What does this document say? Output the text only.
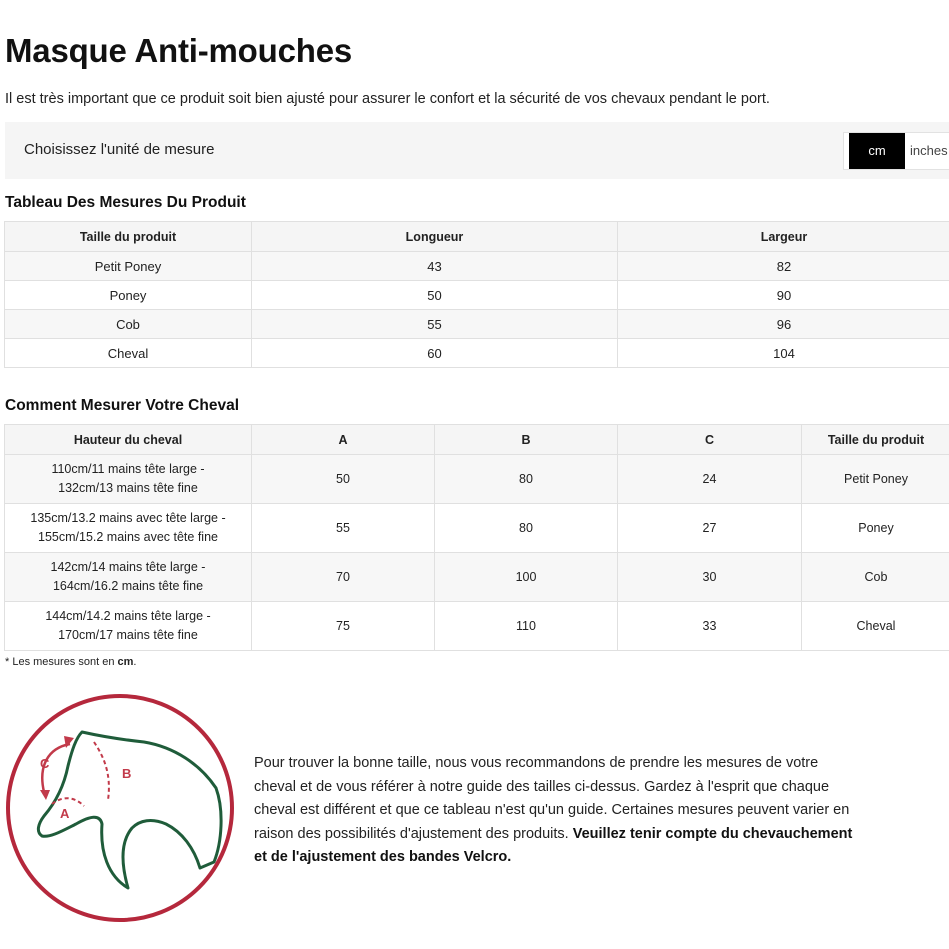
Masque Anti-mouches

Il est très important que ce produit soit bien ajusté pour assurer le confort et la sécurité de vos chevaux pendant le port.

Choisissez l'unité de mesure	cm	inches
Tableau Des Mesures Du Produit
Taille du produit	Longueur	Largeur
Petit Poney	43	82
Poney	50	90
Cob	55	96
Cheval	60	104
Comment Mesurer Votre Cheval
Hauteur du cheval	A	B	C	Taille du produit

110cm/11 mains tête large -
132cm/13 mains tête fine	50	80	24	Petit Poney

135cm/13.2 mains avec tête large -
155cm/15.2 mains avec tête fine	55	80	27	Poney

142cm/14 mains tête large -
164cm/16.2 mains tête fine	70	100	30	Cob

144cm/14.2 mains tête large -
170cm/17 mains tête fine	75	110	33	Cheval

* Les mesures sont en cm.

C
B
A

Pour trouver la bonne taille, nous vous recommandons de prendre les mesures de votre cheval et de vous référer à notre guide des tailles ci-dessus. Gardez à l'esprit que chaque cheval est différent et que ce tableau n'est qu'un guide. Certaines mesures peuvent varier en raison des possibilités d'ajustement des produits. Veuillez tenir compte du chevauchement et de l'ajustement des bandes Velcro.
